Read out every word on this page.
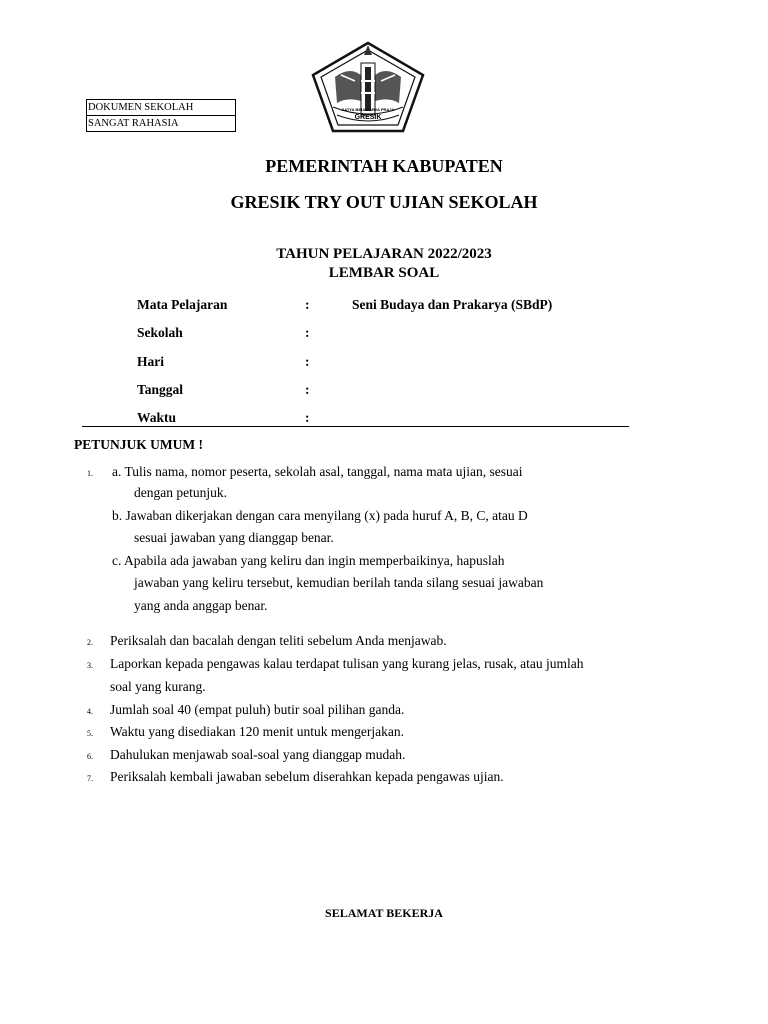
DOKUMEN SEKOLAH
SANGAT RAHASIA
SATYA BINA KARYA PRAJA
GRESIK
PEMERINTAH KABUPATEN
GRESIK TRY OUT UJIAN SEKOLAH
TAHUN PELAJARAN 2022/2023
LEMBAR SOAL
Mata Pelajaran	:	Seni Budaya dan Prakarya (SBdP)
Sekolah	:
Hari	:
Tanggal	:
Waktu	:
PETUNJUK UMUM !
1.	a. Tulis nama, nomor peserta, sekolah asal, tanggal, nama mata ujian, sesuai
dengan petunjuk.
b. Jawaban dikerjakan dengan cara menyilang (x) pada huruf A, B, C, atau D
sesuai jawaban yang dianggap benar.
c. Apabila ada jawaban yang keliru dan ingin memperbaikinya, hapuslah
jawaban yang keliru tersebut, kemudian berilah tanda silang sesuai jawaban
yang anda anggap benar.
2.	Periksalah dan bacalah dengan teliti sebelum Anda menjawab.
3.	Laporkan kepada pengawas kalau terdapat tulisan yang kurang jelas, rusak, atau jumlah
soal yang kurang.
4.	Jumlah soal 40 (empat puluh) butir soal pilihan ganda.
5.	Waktu yang disediakan 120 menit untuk mengerjakan.
6.	Dahulukan menjawab soal-soal yang dianggap mudah.
7.	Periksalah kembali jawaban sebelum diserahkan kepada pengawas ujian.
SELAMAT BEKERJA
